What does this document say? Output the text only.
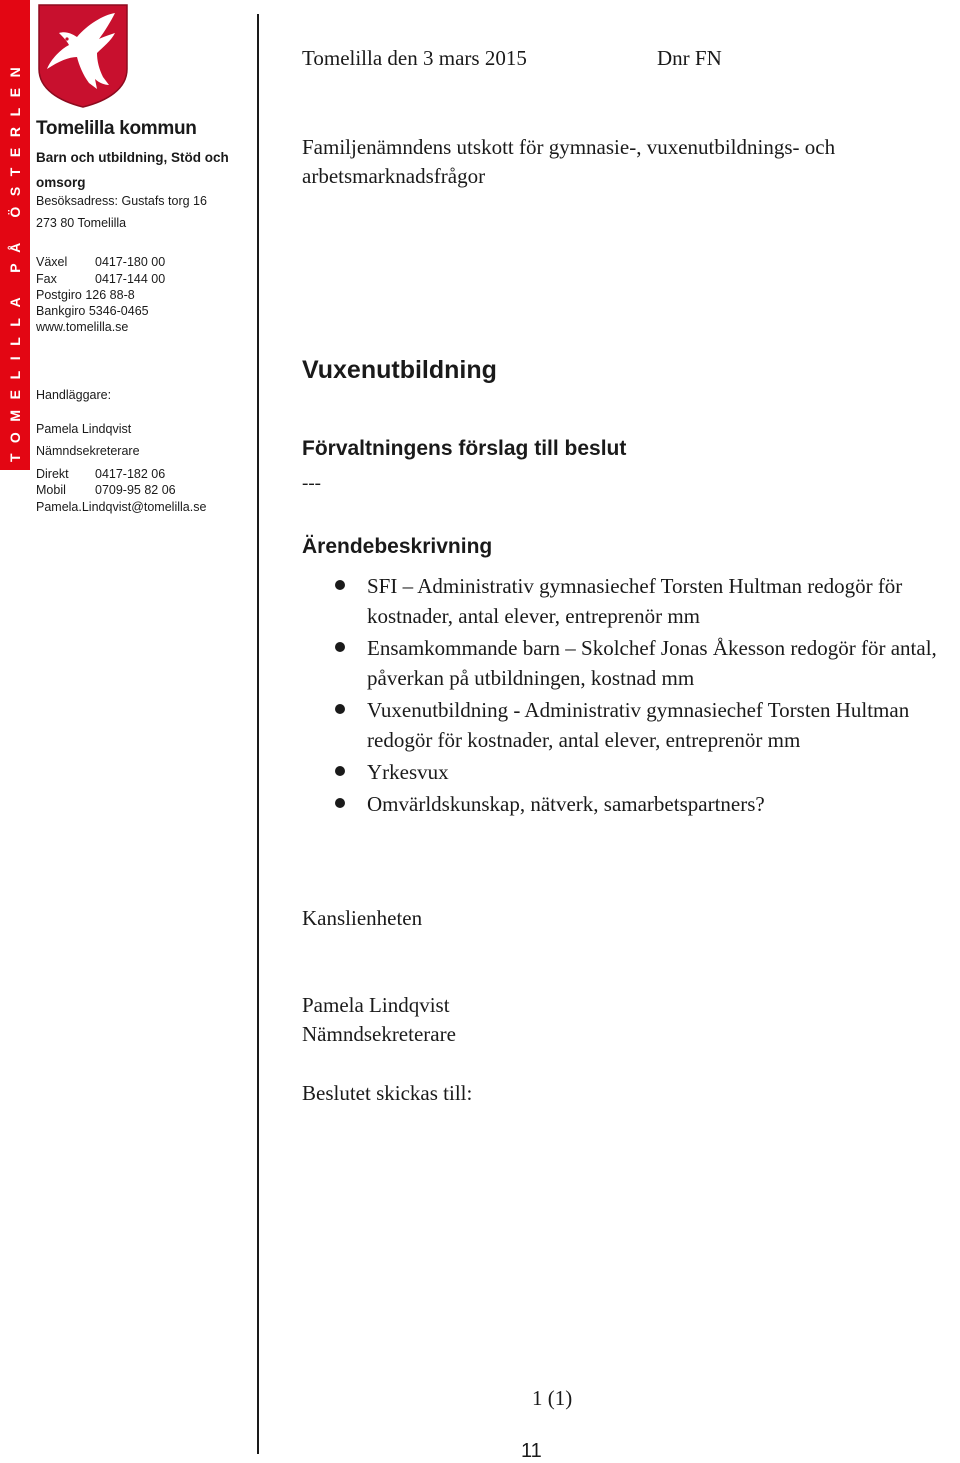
TOMELILLA PÅ ÖSTERLEN Tomelilla kommun
Barn och utbildning, Stöd och omsorg
Besöksadress: Gustafs torg 16
273 80 Tomelilla
Växel	0417-180 00
Fax	0417-144 00
Postgiro 126 88-8
Bankgiro 5346-0465
www.tomelilla.se
Handläggare:
Pamela Lindqvist
Nämndsekreterare
Direkt	0417-182 06
Mobil	0709-95 82 06
Pamela.Lindqvist@tomelilla.se
Tomelilla den 3 mars 2015	Dnr FN
Familjenämndens utskott för gymnasie-, vuxenutbildnings- och arbetsmarknadsfrågor
Vuxenutbildning
Förvaltningens förslag till beslut
---
Ärendebeskrivning
SFI – Administrativ gymnasiechef Torsten Hultman redogör för kostnader, antal elever, entreprenör mm
Ensamkommande barn – Skolchef Jonas Åkesson redogör för antal, påverkan på utbildningen, kostnad mm
Vuxenutbildning - Administrativ gymnasiechef Torsten Hultman redogör för kostnader, antal elever, entreprenör mm
Yrkesvux
Omvärldskunskap, nätverk, samarbetspartners?
Kanslienheten
Pamela Lindqvist
Nämndsekreterare
Beslutet skickas till:
1 (1)
11
